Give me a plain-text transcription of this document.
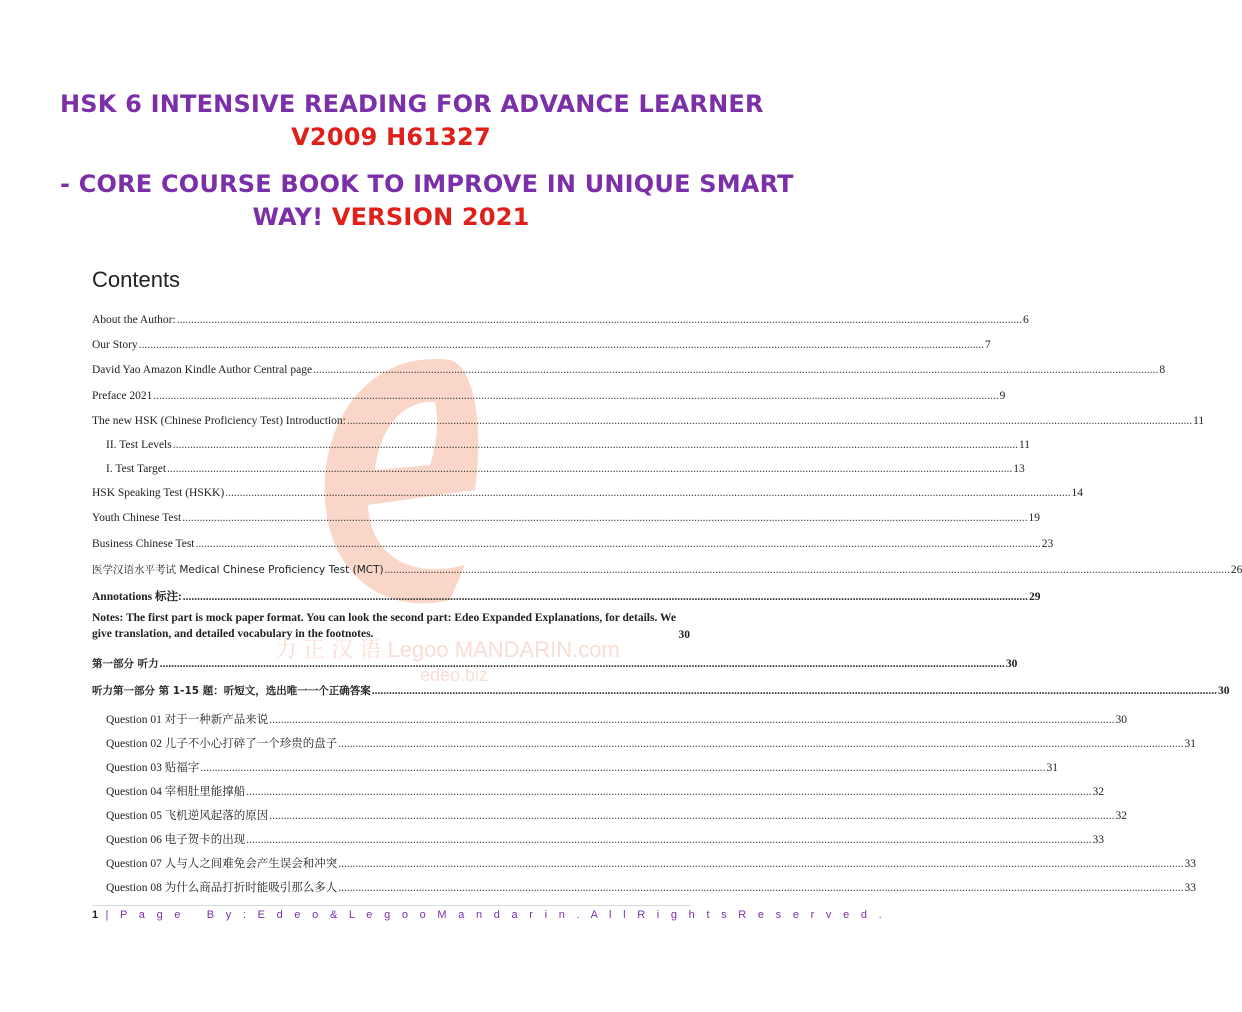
HSK 6 INTENSIVE READING FOR ADVANCE LEARNER
V2009 H61327
- CORE COURSE BOOK TO IMPROVE IN UNIQUE SMART
WAY! VERSION 2021
力 正 汉 语 Legoo MANDARIN.com
edeo.biz
Contents
About the Author: .....	6
Our Story .....	7
David Yao Amazon Kindle Author Central page .....	8
Preface 2021 .....	9
The new HSK (Chinese Proficiency Test) Introduction: .....	11
II. Test Levels .....	11
I. Test Target .....	13
HSK Speaking Test (HSKK) .....	14
Youth Chinese Test .....	19
Business Chinese Test .....	23
医学汉语水平考试 Medical Chinese Proficiency Test (MCT) .....	26
Annotations 标注: .....	29
Notes: The first part is mock paper format. You can look the second part: Edeo Expanded Explanations, for details. We give translation, and detailed vocabulary in the footnotes.	30
第一部分 听力 .....	30
听力第一部分 第 1-15 题：听短文，选出唯一一个正确答案 .....	30
Question 01 对于一种新产品来说 .....	30
Question 02 儿子不小心打碎了一个珍贵的盘子 .....	31
Question 03 贴福字 .....	31
Question 04 宰相肚里能撑船 .....	32
Question 05 飞机逆风起落的原因 .....	32
Question 06 电子贺卡的出现 .....	33
Question 07 人与人之间难免会产生误会和冲突 .....	33
Question 08 为什么商品打折时能吸引那么多人 .....	33
1 | P a g e B y : E d e o & L e g o o M a n d a r i n . A l l R i g h t s R e s e r v e d .
